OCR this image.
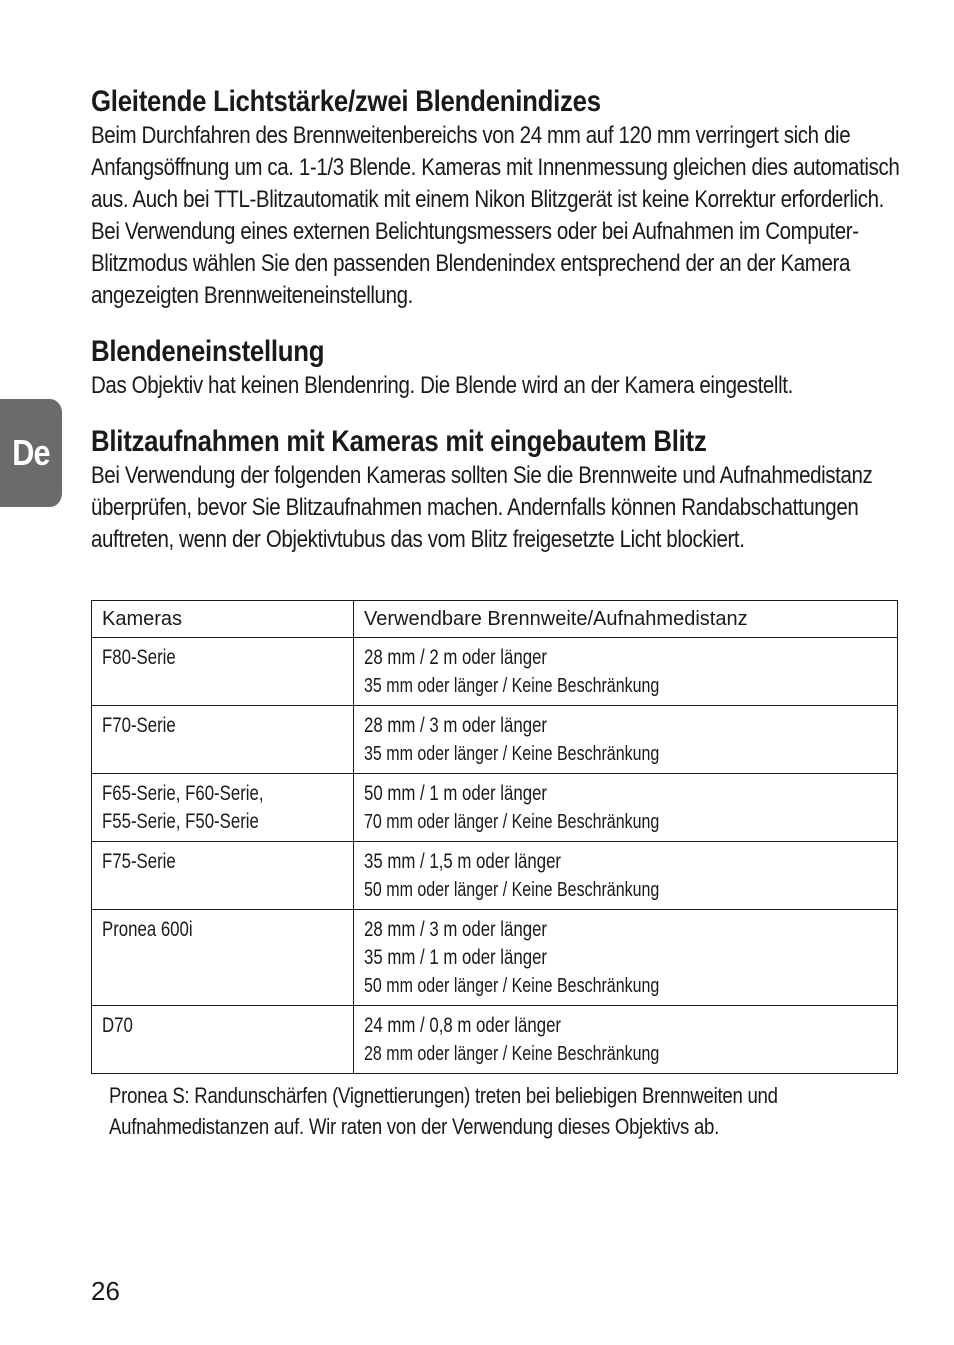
De
Gleitende Lichtstärke/zwei Blendenindizes

Beim Durchfahren des Brennweitenbereichs von 24 mm auf 120 mm verringert sich die Anfangsöffnung um ca. 1-1/3 Blende. Kameras mit Innenmessung gleichen dies automatisch aus. Auch bei TTL-Blitzautomatik mit einem Nikon Blitzgerät ist keine Korrektur erforderlich. Bei Verwendung eines externen Belichtungsmessers oder bei Aufnahmen im Computer-Blitzmodus wählen Sie den passenden Blendenindex entsprechend der an der Kamera angezeigten Brennweiteneinstellung.

Blendeneinstellung

Das Objektiv hat keinen Blendenring. Die Blende wird an der Kamera eingestellt.

Blitzaufnahmen mit Kameras mit eingebautem Blitz

Bei Verwendung der folgenden Kameras sollten Sie die Brennweite und Aufnahmedistanz überprüfen, bevor Sie Blitzaufnahmen machen. Andernfalls können Randabschattungen auftreten, wenn der Objektivtubus das vom Blitz freigesetzte Licht blockiert.

Kameras	Verwendbare Brennweite/Aufnahmedistanz
F80-Serie	28 mm / 2 m oder länger
35 mm oder länger / Keine Beschränkung
F70-Serie	28 mm / 3 m oder länger
35 mm oder länger / Keine Beschränkung
F65-Serie, F60-Serie,
F55-Serie, F50-Serie	50 mm / 1 m oder länger
70 mm oder länger / Keine Beschränkung
F75-Serie	35 mm / 1,5 m oder länger
50 mm oder länger / Keine Beschränkung
Pronea 600i	28 mm / 3 m oder länger
35 mm / 1 m oder länger
50 mm oder länger / Keine Beschränkung
D70	24 mm / 0,8 m oder länger
28 mm oder länger / Keine Beschränkung

Pronea S: Randunschärfen (Vignettierungen) treten bei beliebigen Brennweiten und Aufnahmedistanzen auf. Wir raten von der Verwendung dieses Objektivs ab.

26
